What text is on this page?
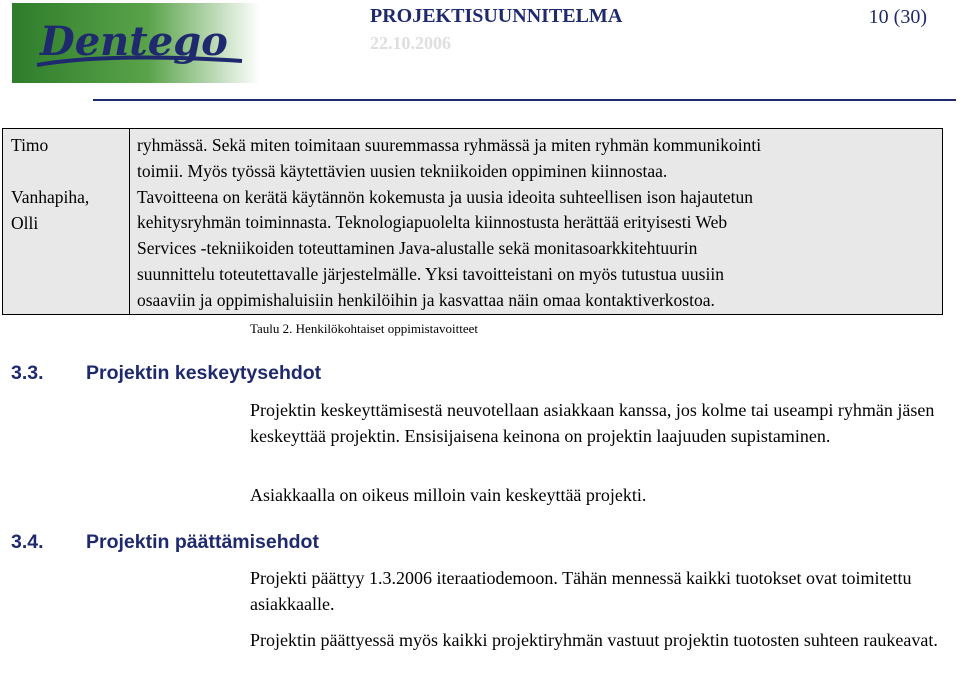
Dentego
PROJEKTISUUNNITELMA
22.10.2006
10 (30)
Timo
Vanhapiha,
Olli

ryhmässä. Sekä miten toimitaan suuremmassa ryhmässä ja miten ryhmän kommunikointi
toimii. Myös työssä käytettävien uusien tekniikoiden oppiminen kiinnostaa.
Tavoitteena on kerätä käytännön kokemusta ja uusia ideoita suhteellisen ison hajautetun
kehitysryhmän toiminnasta. Teknologiapuolelta kiinnostusta herättää erityisesti Web
Services -tekniikoiden toteuttaminen Java-alustalle sekä monitasoarkkitehtuurin
suunnittelu toteutettavalle järjestelmälle. Yksi tavoitteistani on myös tutustua uusiin
osaaviin ja oppimishaluisiin henkilöihin ja kasvattaa näin omaa kontaktiverkostoa.
Taulu 2. Henkilökohtaiset oppimistavoitteet
3.3. Projektin keskeytysehdot

Projektin keskeyttämisestä neuvotellaan asiakkaan kanssa, jos kolme tai useampi ryhmän jäsen keskeyttää projektin. Ensisijaisena keinona on projektin laajuuden supistaminen.

Asiakkaalla on oikeus milloin vain keskeyttää projekti.

3.4. Projektin päättämisehdot

Projekti päättyy 1.3.2006 iteraatiodemoon. Tähän mennessä kaikki tuotokset ovat toimitettu asiakkaalle.

Projektin päättyessä myös kaikki projektiryhmän vastuut projektin tuotosten suhteen raukeavat.
